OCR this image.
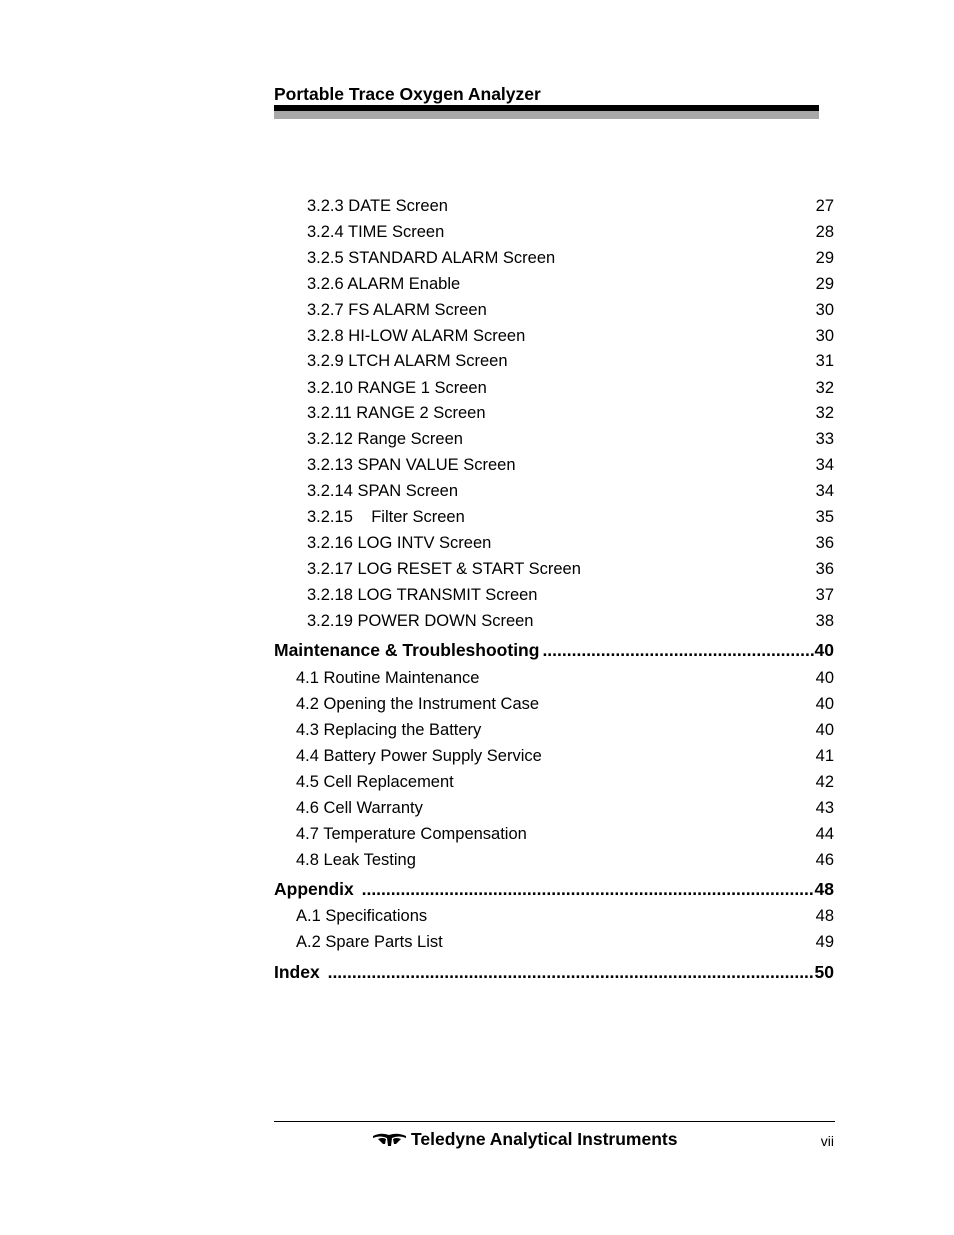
Portable Trace Oxygen Analyzer
3.2.3 DATE Screen	27
3.2.4 TIME Screen	28
3.2.5 STANDARD ALARM Screen	29
3.2.6 ALARM Enable	29
3.2.7 FS ALARM Screen	30
3.2.8 HI-LOW ALARM Screen	30
3.2.9 LTCH ALARM Screen	31
3.2.10 RANGE 1 Screen	32
3.2.11 RANGE 2 Screen	32
3.2.12 Range Screen	33
3.2.13 SPAN VALUE Screen	34
3.2.14 SPAN Screen	34
3.2.15    Filter Screen	35
3.2.16 LOG INTV Screen	36
3.2.17 LOG RESET & START Screen	36
3.2.18 LOG TRANSMIT Screen	37
3.2.19 POWER DOWN Screen	38
Maintenance & Troubleshooting .....	40
4.1 Routine Maintenance	40
4.2 Opening the Instrument Case	40
4.3 Replacing the Battery	40
4.4 Battery Power Supply Service	41
4.5 Cell Replacement	42
4.6 Cell Warranty	43
4.7 Temperature Compensation	44
4.8 Leak Testing	46
Appendix .....	48
A.1 Specifications	48
A.2 Spare Parts List	49
Index .....	50
Teledyne Analytical Instruments	vii
